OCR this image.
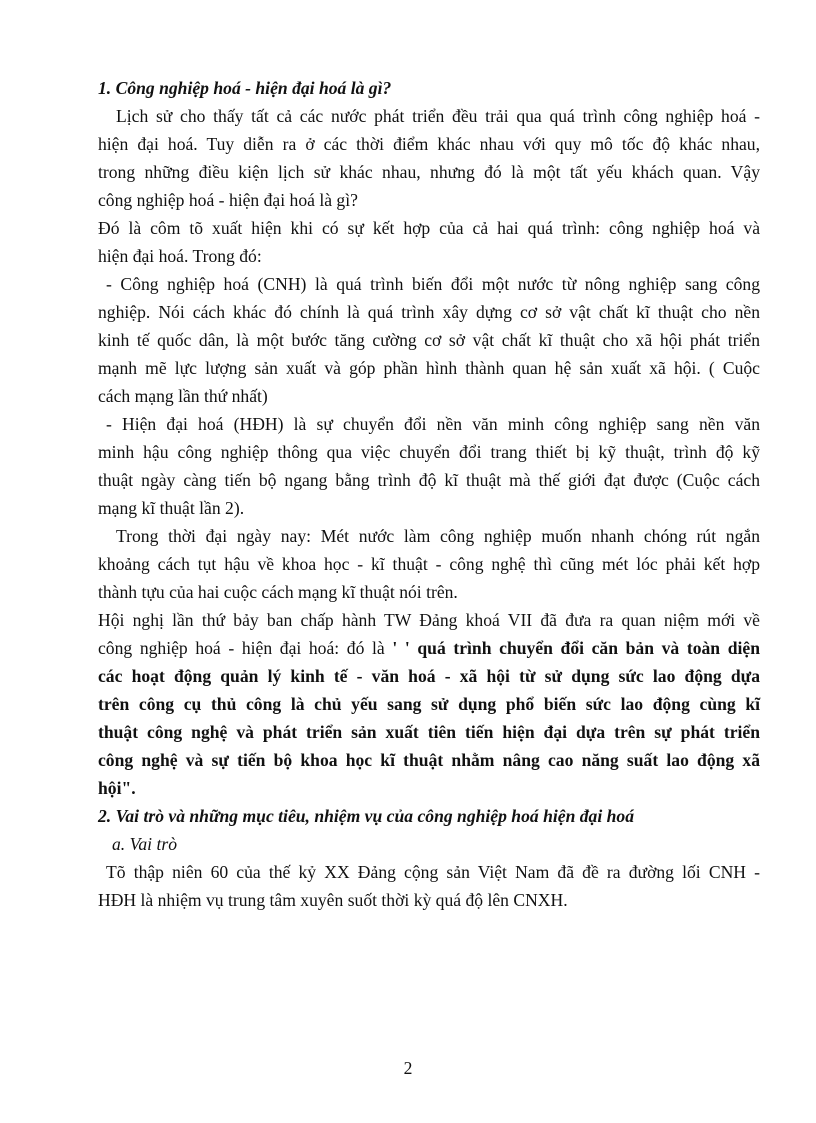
1. Công nghiệp hoá - hiện đại hoá là gì?
Lịch sử cho thấy tất cả các nước phát triển đều trải qua quá trình công nghiệp hoá -
hiện đại hoá. Tuy diễn ra ở các thời điểm khác nhau với quy mô tốc độ khác nhau,
trong những điều kiện lịch sử khác nhau, nhưng đó là một tất yếu khách quan. Vậy
công nghiệp hoá - hiện đại hoá là gì?
Đó là côm tõ xuất hiện khi có sự kết hợp của cả hai quá trình: công nghiệp hoá và
hiện đại hoá. Trong đó:
- Công nghiệp hoá (CNH) là quá trình biến đổi một nước từ nông nghiệp sang công
nghiệp. Nói cách khác đó chính là quá trình xây dựng cơ sở vật chất kĩ thuật cho nền
kinh tế quốc dân, là một bước tăng cường cơ sở vật chất kĩ thuật cho xã hội phát triển
mạnh mẽ lực lượng sản xuất và góp phần hình thành quan hệ sản xuất xã hội. ( Cuộc
cách mạng lần thứ nhất)
- Hiện đại hoá (HĐH) là sự chuyển đổi nền văn minh công nghiệp sang nền văn
minh hậu công nghiệp thông qua việc chuyển đổi trang thiết bị kỹ thuật, trình độ kỹ
thuật ngày càng tiến bộ ngang bằng trình độ kĩ thuật mà thế giới đạt được (Cuộc cách
mạng kĩ thuật lần 2).
Trong thời đại ngày nay: Mét nước làm công nghiệp muốn nhanh chóng rút ngắn
khoảng cách tụt hậu về khoa học - kĩ thuật - công nghệ thì cũng mét lóc phải kết hợp
thành tựu của hai cuộc cách mạng kĩ thuật nói trên.
Hội nghị lần thứ bảy ban chấp hành TW Đảng khoá VII đã đưa ra quan niệm mới về
công nghiệp hoá - hiện đại hoá: đó là ' ' quá trình chuyển đổi căn bản và toàn diện
các hoạt động quản lý kinh tế - văn hoá - xã hội từ sử dụng sức lao động dựa
trên công cụ thủ công là chủ yếu sang sử dụng phổ biến sức lao động cùng kĩ
thuật công nghệ và phát triển sản xuất tiên tiến hiện đại dựa trên sự phát triển
công nghệ và sự tiến bộ khoa học kĩ thuật nhằm nâng cao năng suất lao động xã
hội".
2. Vai trò và những mục tiêu, nhiệm vụ của công nghiệp hoá hiện đại hoá
a. Vai trò
Tõ thập niên 60 của thế kỷ XX Đảng cộng sản Việt Nam đã đề ra đường lối CNH -
HĐH là nhiệm vụ trung tâm xuyên suốt thời kỳ quá độ lên CNXH.
2
